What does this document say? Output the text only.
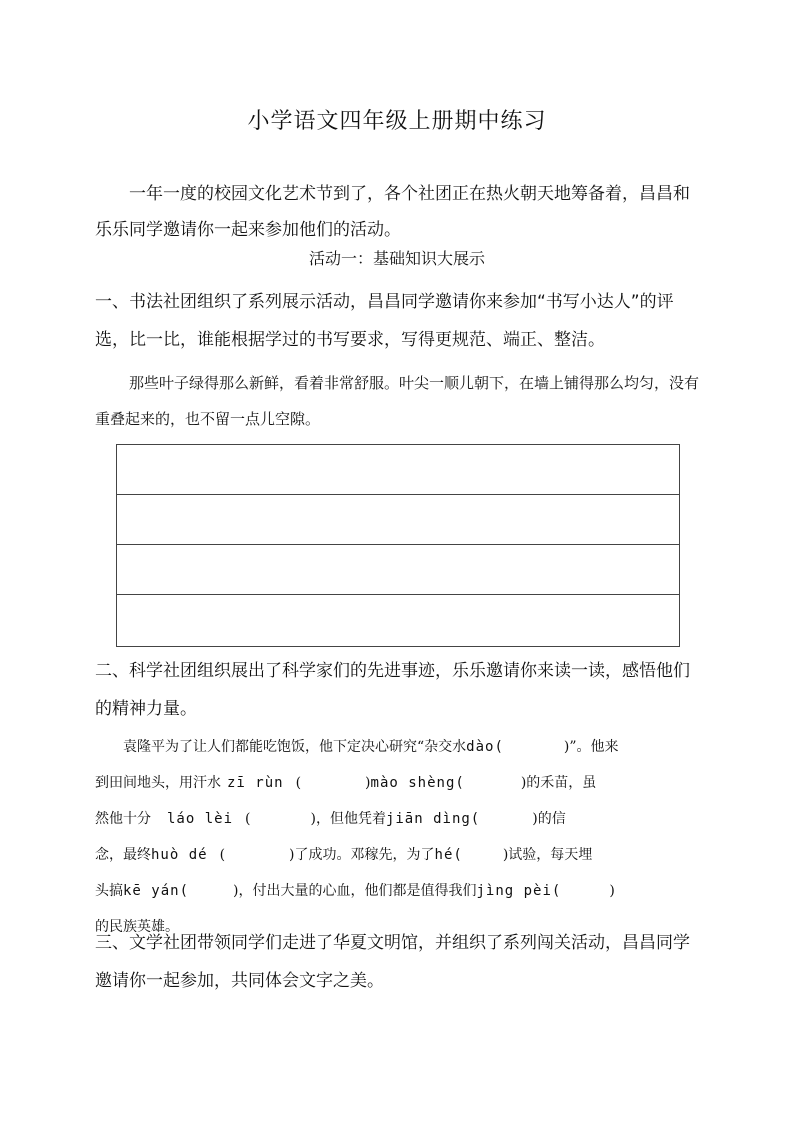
小学语文四年级上册期中练习
一年一度的校园文化艺术节到了，各个社团正在热火朝天地筹备着，昌昌和乐乐同学邀请你一起来参加他们的活动。
活动一：基础知识大展示
一、书法社团组织了系列展示活动，昌昌同学邀请你来参加“书写小达人”的评选，比一比，谁能根据学过的书写要求，写得更规范、端正、整洁。
那些叶子绿得那么新鲜，看着非常舒服。叶尖一顺儿朝下，在墙上铺得那么均匀，没有重叠起来的，也不留一点儿空隙。
二、科学社团组织展出了科学家们的先进事迹，乐乐邀请你来读一读，感悟他们的精神力量。
袁隆平为了让人们都能吃饱饭，他下定决心研究“杂交水dào(	)”。他来
到田间地头，用汗水 zī rùn (	)mào shèng(	)的禾苗，虽
然他十分 láo lèi (	)，但他凭着jiān dìng(	)的信
念，最终huò dé (	)了成功。邓稼先，为了hé(	)试验，每天埋
头搞kē yán(	)，付出大量的心血，他们都是值得我们jìng pèi(	)
的民族英雄。
三、文学社团带领同学们走进了华夏文明馆，并组织了系列闯关活动，昌昌同学邀请你一起参加，共同体会文字之美。
